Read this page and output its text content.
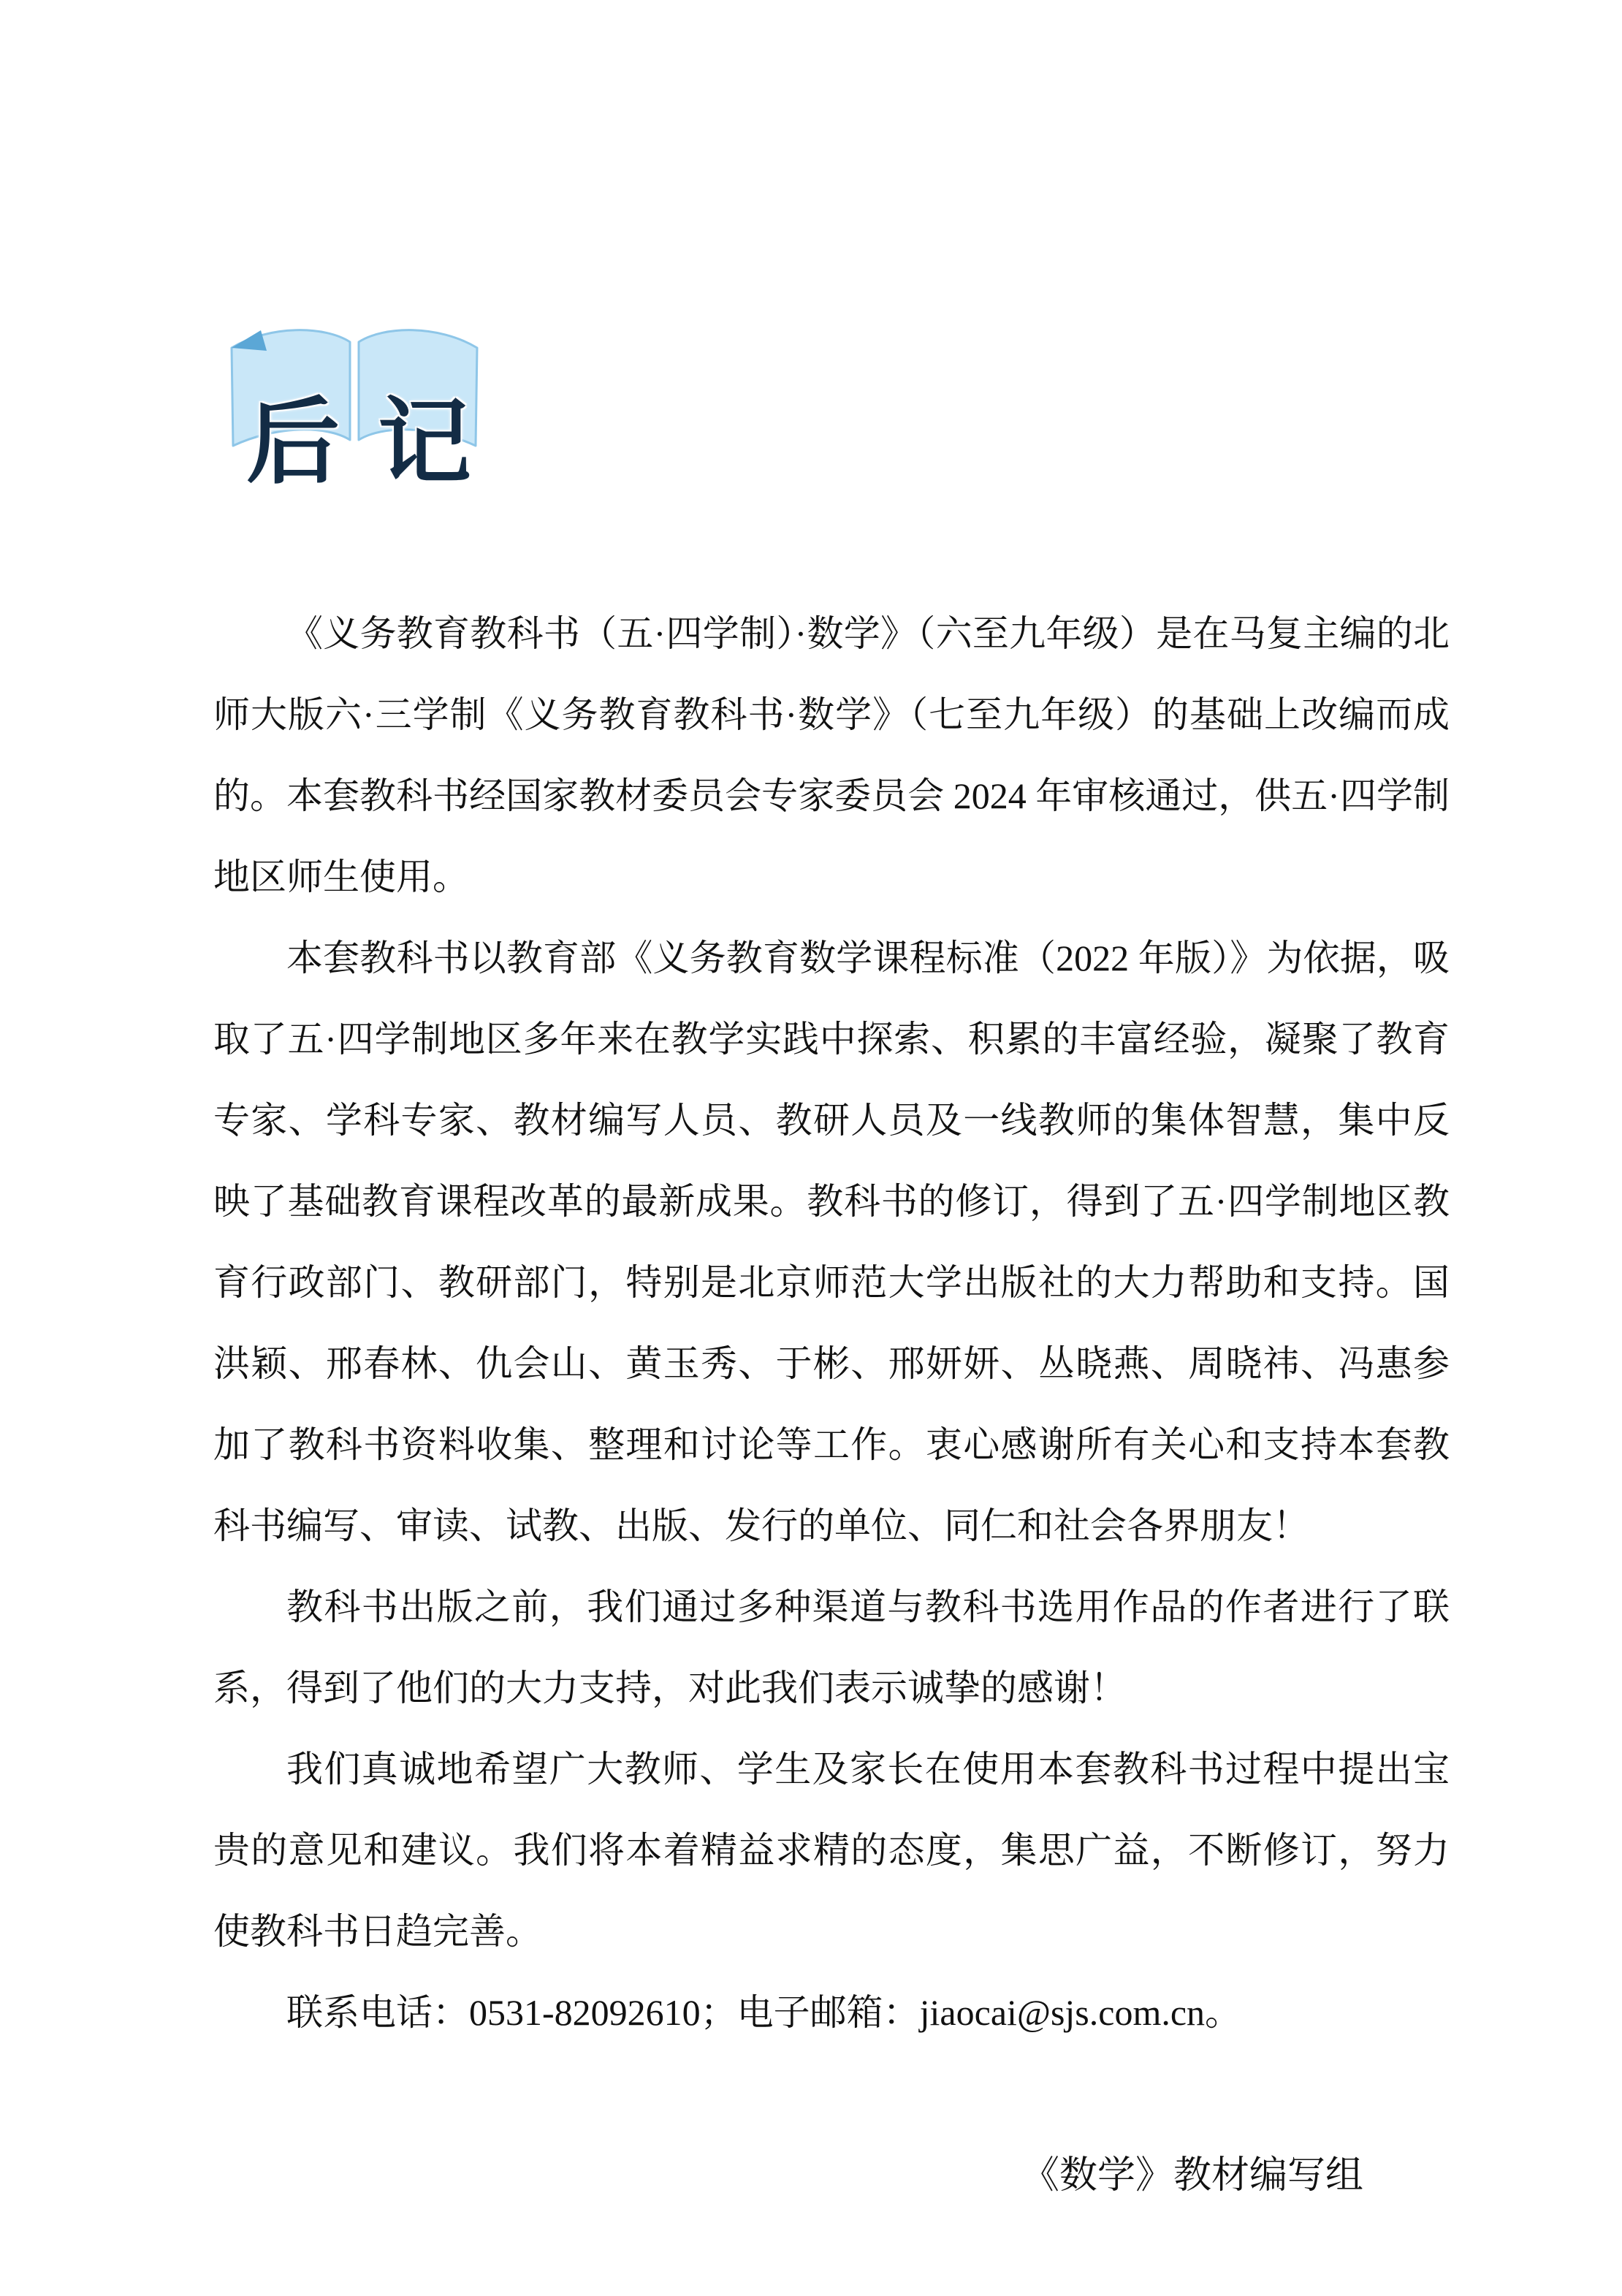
后记

《义务教育教科书（五·四学制）·数学》（六至九年级）是在马复主编的北师大版六·三学制《义务教育教科书·数学》（七至九年级）的基础上改编而成的。本套教科书经国家教材委员会专家委员会 2024 年审核通过，供五·四学制地区师生使用。

本套教科书以教育部《义务教育数学课程标准（2022 年版）》为依据，吸取了五·四学制地区多年来在教学实践中探索、积累的丰富经验，凝聚了教育专家、学科专家、教材编写人员、教研人员及一线教师的集体智慧，集中反映了基础教育课程改革的最新成果。教科书的修订，得到了五·四学制地区教育行政部门、教研部门，特别是北京师范大学出版社的大力帮助和支持。国洪颖、邢春林、仇会山、黄玉秀、于彬、邢妍妍、丛晓燕、周晓祎、冯惠参加了教科书资料收集、整理和讨论等工作。衷心感谢所有关心和支持本套教科书编写、审读、试教、出版、发行的单位、同仁和社会各界朋友！

教科书出版之前，我们通过多种渠道与教科书选用作品的作者进行了联系，得到了他们的大力支持，对此我们表示诚挚的感谢！

我们真诚地希望广大教师、学生及家长在使用本套教科书过程中提出宝贵的意见和建议。我们将本着精益求精的态度，集思广益，不断修订，努力使教科书日趋完善。

联系电话：0531-82092610；电子邮箱：jiaocai@sjs.com.cn。

《数学》教材编写组
